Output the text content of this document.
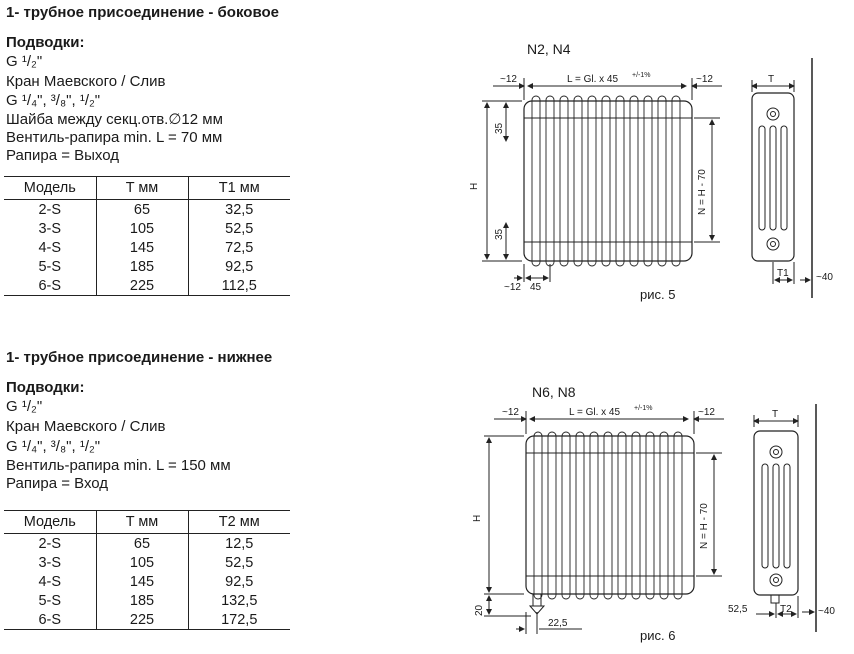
1- трубное присоединение - боковое
Подводки:
G ¹/₂"
Кран Маевского / Слив
G ¹/₄", ³/₈", ¹/₂"
Шайба между секц.отв.∅12 мм
Вентиль-рапира min. L = 70 мм
Рапира = Выход
Модель	T мм	T1 мм
2-S	65	32,5
3-S	105	52,5
4-S	145	72,5
5-S	185	92,5
6-S	225	112,5
1- трубное присоединение - нижнее
Подводки:
G ¹/₂"
Кран Маевского / Слив
G ¹/₄", ³/₈", ¹/₂"
Вентиль-рапира min. L = 150 мм
Рапира = Вход
Модель	T мм	T2 мм
2-S	65	12,5
3-S	105	52,5
4-S	145	92,5
5-S	185	132,5
6-S	225	172,5
N2, N4
~12	~12
L = Gl. x 45 +/-1%
H
35
35
N = H - 70
~12 45
T
T1	~40
рис. 5
N6, N8
~12	~12
L = Gl. x 45 +/-1%
H
20
22,5
N = H - 70
T
52,5	T2	~40
рис. 6
